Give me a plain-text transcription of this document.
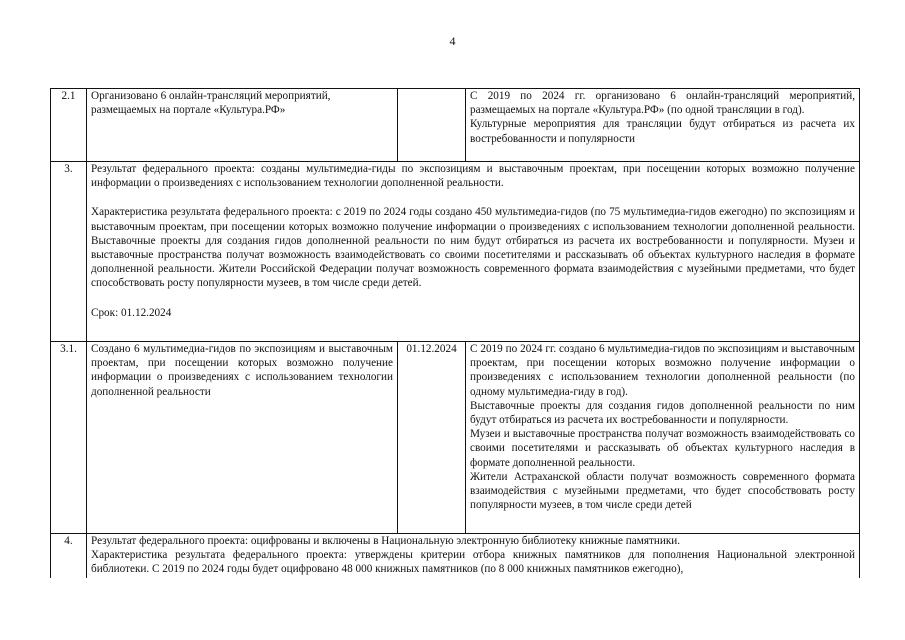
4
2.1	Организовано 6 онлайн-трансляций мероприятий, размещаемых на портале «Культура.РФ»		С 2019 по 2024 гг. организовано 6 онлайн-трансляций мероприятий, размещаемых на портале «Культура.РФ» (по одной трансляции в год).

Культурные мероприятия для трансляции будут отбираться из расчета их востребованности и популярности

3.	Результат федерального проекта: созданы мультимедиа-гиды по экспозициям и выставочным проектам, при посещении которых возможно получение информации о произведениях с использованием технологии дополненной реальности.

Характеристика результата федерального проекта: с 2019 по 2024 годы создано 450 мультимедиа-гидов (по 75 мультимедиа-гидов ежегодно) по экспозициям и выставочным проектам, при посещении которых возможно получение информации о произведениях с использованием технологии дополненной реальности. Выставочные проекты для создания гидов дополненной реальности по ним будут отбираться из расчета их востребованности и популярности. Музеи и выставочные пространства получат возможность взаимодействовать со своими посетителями и рассказывать об объектах культурного наследия в формате дополненной реальности. Жители Российской Федерации получат возможность современного формата взаимодействия с музейными предметами, что будет способствовать росту популярности музеев, в том числе среди детей.

Срок: 01.12.2024		

3.1.	Создано 6 мультимедиа-гидов по экспозициям и выставочным проектам, при посещении которых возможно получение информации о произведениях с использованием технологии дополненной реальности	01.12.2024	С 2019 по 2024 гг. создано 6 мультимедиа-гидов по экспозициям и выставочным проектам, при посещении которых возможно получение информации о произведениях с использованием технологии дополненной реальности (по одному мультимедиа-гиду в год).

Выставочные проекты для создания гидов дополненной реальности по ним будут отбираться из расчета их востребованности и популярности.

Музеи и выставочные пространства получат возможность взаимодействовать со своими посетителями и рассказывать об объектах культурного наследия в формате дополненной реальности.

Жители Астраханской области получат возможность современного формата взаимодействия с музейными предметами, что будет способствовать росту популярности музеев, в том числе среди детей

4.	Результат федерального проекта: оцифрованы и включены в Национальную электронную библиотеку книжные памятники.

Характеристика результата федерального проекта: утверждены критерии отбора книжных памятников для пополнения Национальной электронной библиотеки. С 2019 по 2024 годы будет оцифровано 48 000 книжных памятников (по 8 000 книжных памятников ежегодно),		
